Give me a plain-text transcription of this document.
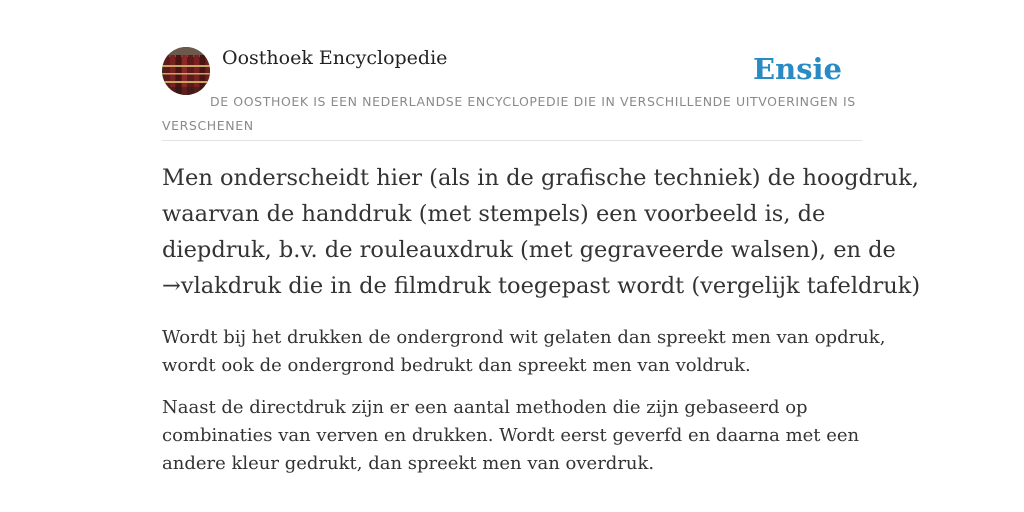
Oosthoek Encyclopedie	Ensie
DE OOSTHOEK IS EEN NEDERLANDSE ENCYCLOPEDIE DIE IN VERSCHILLENDE UITVOERINGEN IS VERSCHENEN

Men onderscheidt hier (als in de grafische techniek) de hoogdruk,
waarvan de handdruk (met stempels) een voorbeeld is, de
diepdruk, b.v. de rouleauxdruk (met gegraveerde walsen), en de
→vlakdruk die in de filmdruk toegepast wordt (vergelijk tafeldruk)

Wordt bij het drukken de ondergrond wit gelaten dan spreekt men van opdruk,
wordt ook de ondergrond bedrukt dan spreekt men van voldruk.

Naast de directdruk zijn er een aantal methoden die zijn gebaseerd op
combinaties van verven en drukken. Wordt eerst geverfd en daarna met een
andere kleur gedrukt, dan spreekt men van overdruk.
